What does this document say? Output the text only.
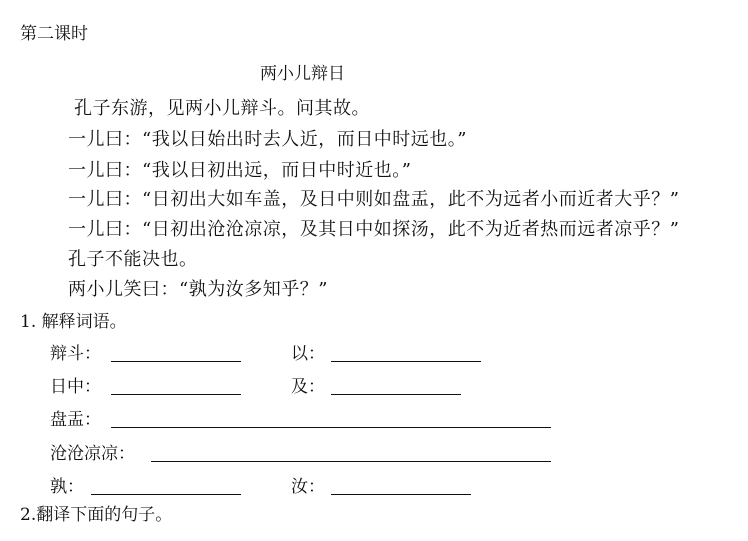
第二课时
两小儿辩日
孔子东游，见两小儿辩斗。问其故。
一儿曰：“我以日始出时去人近，而日中时远也。”
一儿曰：“我以日初出远，而日中时近也。”
一儿曰：“日初出大如车盖，及日中则如盘盂，此不为远者小而近者大乎？”
一儿曰：“日初出沧沧凉凉，及其日中如探汤，此不为近者热而远者凉乎？”
孔子不能决也。
两小儿笑曰：“孰为汝多知乎？”
1. 解释词语。
辩斗：	以：
日中：	及：
盘盂：
沧沧凉凉：
孰：	汝：
2.翻译下面的句子。
